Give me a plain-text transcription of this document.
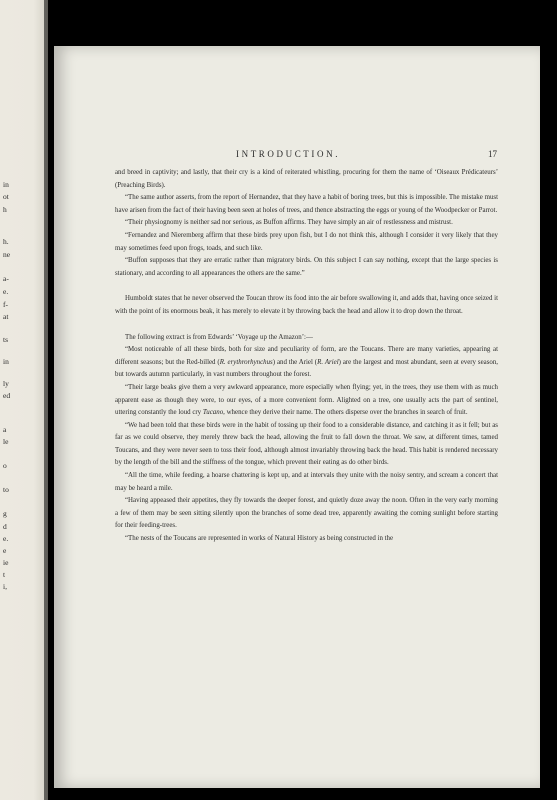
in
ot
h
h.
ne
a-
e.
f-
at
ts
in
ly
ed
a
le
o
to
g
d
e.
e
ie
t
i,
INTRODUCTION.	17

and breed in captivity; and lastly, that their cry is a kind of reiterated whistling, procuring for them the name of ‘Oiseaux Prédicateurs’ (Preaching Birds).

“The same author asserts, from the report of Hernandez, that they have a habit of boring trees, but this is impossible. The mistake must have arisen from the fact of their having been seen at holes of trees, and thence abstracting the eggs or young of the Woodpecker or Parrot.

“Their physiognomy is neither sad nor serious, as Buffon affirms. They have simply an air of restlessness and mistrust.

“Fernandez and Nieremberg affirm that these birds prey upon fish, but I do not think this, although I consider it very likely that they may sometimes feed upon frogs, toads, and such like.

“Buffon supposes that they are erratic rather than migratory birds. On this subject I can say nothing, except that the large species is stationary, and according to all appearances the others are the same.”

Humboldt states that he never observed the Toucan throw its food into the air before swallowing it, and adds that, having once seized it with the point of its enormous beak, it has merely to elevate it by throwing back the head and allow it to drop down the throat.

The following extract is from Edwards’ ‘Voyage up the Amazon’:—

“Most noticeable of all these birds, both for size and peculiarity of form, are the Toucans. There are many varieties, appearing at different seasons; but the Red-billed (R. erythrorhynchus) and the Ariel (R. Ariel) are the largest and most abundant, seen at every season, but towards autumn particularly, in vast numbers throughout the forest.

“Their large beaks give them a very awkward appearance, more especially when flying; yet, in the trees, they use them with as much apparent ease as though they were, to our eyes, of a more convenient form. Alighted on a tree, one usually acts the part of sentinel, uttering constantly the loud cry Tucano, whence they derive their name. The others disperse over the branches in search of fruit.

“We had been told that these birds were in the habit of tossing up their food to a considerable distance, and catching it as it fell; but as far as we could observe, they merely threw back the head, allowing the fruit to fall down the throat. We saw, at different times, tamed Toucans, and they were never seen to toss their food, although almost invariably throwing back the head. This habit is rendered necessary by the length of the bill and the stiffness of the tongue, which prevent their eating as do other birds.

“All the time, while feeding, a hoarse chattering is kept up, and at intervals they unite with the noisy sentry, and scream a concert that may be heard a mile.

“Having appeased their appetites, they fly towards the deeper forest, and quietly doze away the noon. Often in the very early morning a few of them may be seen sitting silently upon the branches of some dead tree, apparently awaiting the coming sunlight before starting for their feeding-trees.

“The nests of the Toucans are represented in works of Natural History as being constructed in the
